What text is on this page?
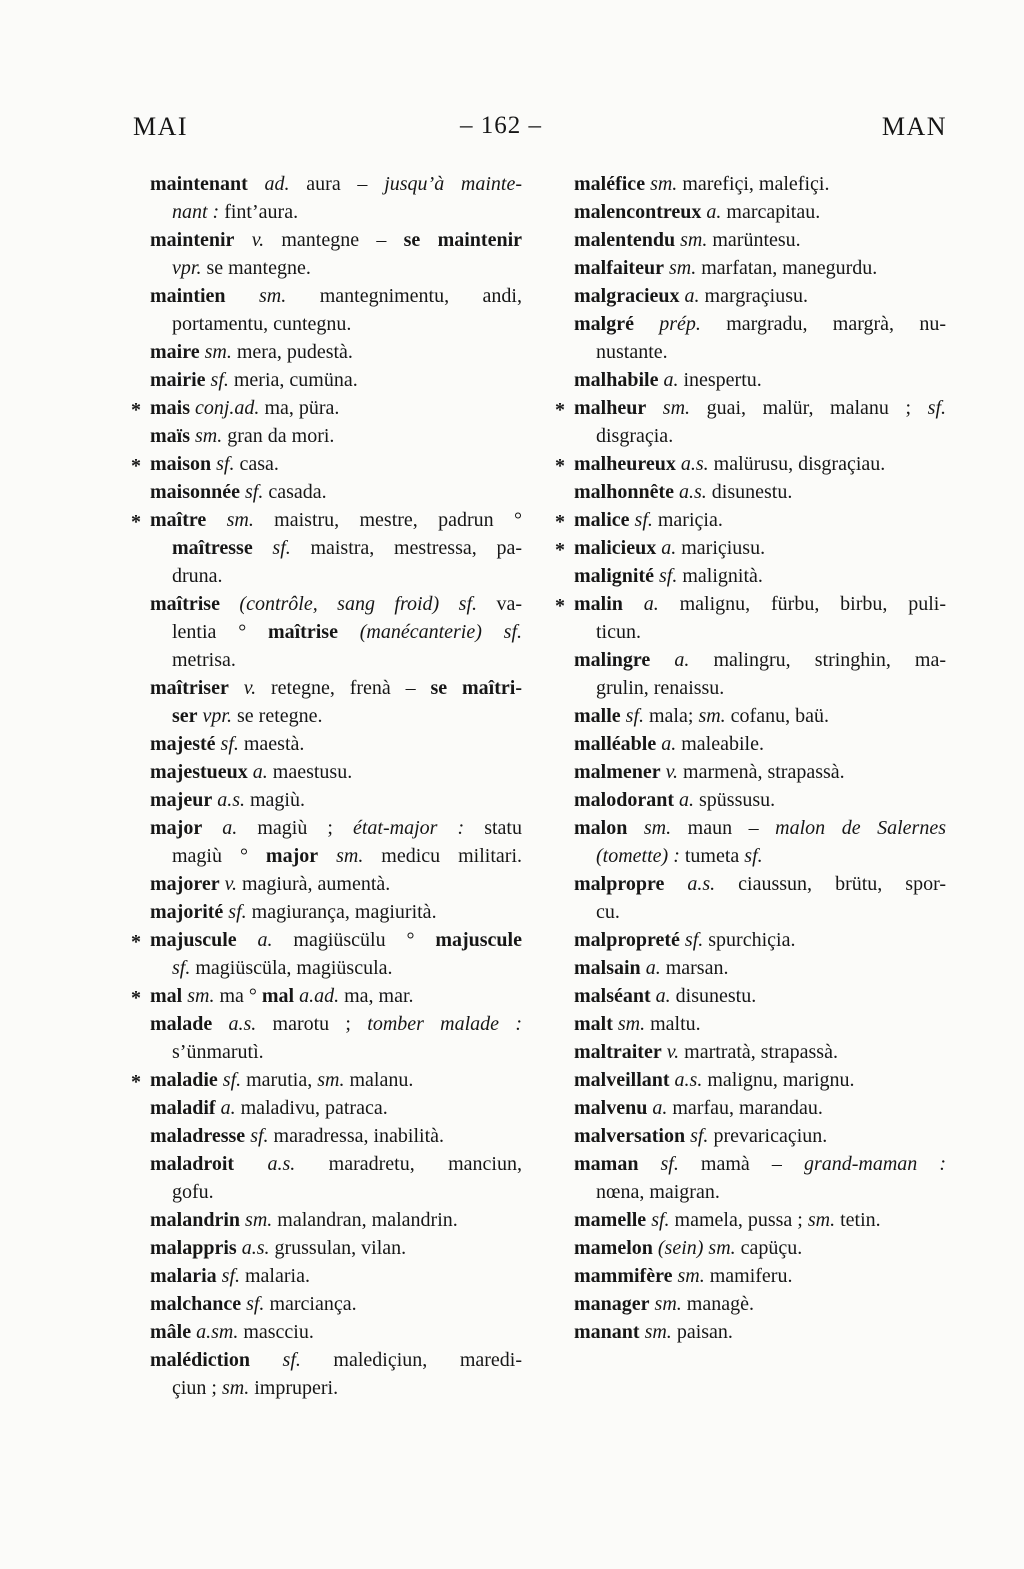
MAI	– 162 –	MAN
maintenant ad. aura – jusqu’à mainte-
nant : fint’aura.
maintenir v. mantegne – se maintenir
vpr. se mantegne.
maintien sm. mantegnimentu, andi,
portamentu, cuntegnu.
maire sm. mera, pudestà.
mairie sf. meria, cumüna.
* mais conj.ad. ma, püra.
maïs sm. gran da mori.
* maison sf. casa.
maisonnée sf. casada.
* maître sm. maistru, mestre, padrun °
maîtresse sf. maistra, mestressa, pa-
druna.
maîtrise (contrôle, sang froid) sf. va-
lentia ° maîtrise (manécanterie) sf.
metrisa.
maîtriser v. retegne, frenà – se maîtri-
ser vpr. se retegne.
majesté sf. maestà.
majestueux a. maestusu.
majeur a.s. magiù.
major a. magiù ; état-major : statu
magiù ° major sm. medicu militari.
majorer v. magiurà, aumentà.
majorité sf. magiurança, magiurità.
* majuscule a. magiüscülu ° majuscule
sf. magiüscüla, magiüscula.
* mal sm. ma ° mal a.ad. ma, mar.
malade a.s. marotu ; tomber malade :
s’ünmarutì.
* maladie sf. marutia, sm. malanu.
maladif a. maladivu, patraca.
maladresse sf. maradressa, inabilità.
maladroit a.s. maradretu, manciun,
gofu.
malandrin sm. malandran, malandrin.
malappris a.s. grussulan, vilan.
malaria sf. malaria.
malchance sf. marciança.
mâle a.sm. mascciu.
malédiction sf. malediçiun, maredi-
çiun ; sm. impruperi.
maléfice sm. marefiçi, malefiçi.
malencontreux a. marcapitau.
malentendu sm. marüntesu.
malfaiteur sm. marfatan, manegurdu.
malgracieux a. margraçiusu.
malgré prép. margradu, margrà, nu-
nustante.
malhabile a. inespertu.
* malheur sm. guai, malür, malanu ; sf.
disgraçia.
* malheureux a.s. malürusu, disgraçiau.
malhonnête a.s. disunestu.
* malice sf. mariçia.
* malicieux a. mariçiusu.
malignité sf. malignità.
* malin a. malignu, fürbu, birbu, puli-
ticun.
malingre a. malingru, stringhin, ma-
grulin, renaissu.
malle sf. mala; sm. cofanu, baü.
malléable a. maleabile.
malmener v. marmenà, strapassà.
malodorant a. spüssusu.
malon sm. maun – malon de Salernes
(tomette) : tumeta sf.
malpropre a.s. ciaussun, brütu, spor-
cu.
malpropreté sf. spurchiçia.
malsain a. marsan.
malséant a. disunestu.
malt sm. maltu.
maltraiter v. martratà, strapassà.
malveillant a.s. malignu, marignu.
malvenu a. marfau, marandau.
malversation sf. prevaricaçiun.
maman sf. mamà – grand-maman :
nœna, maigran.
mamelle sf. mamela, pussa ; sm. tetin.
mamelon (sein) sm. capüçu.
mammifère sm. mamiferu.
manager sm. managè.
manant sm. paisan.
